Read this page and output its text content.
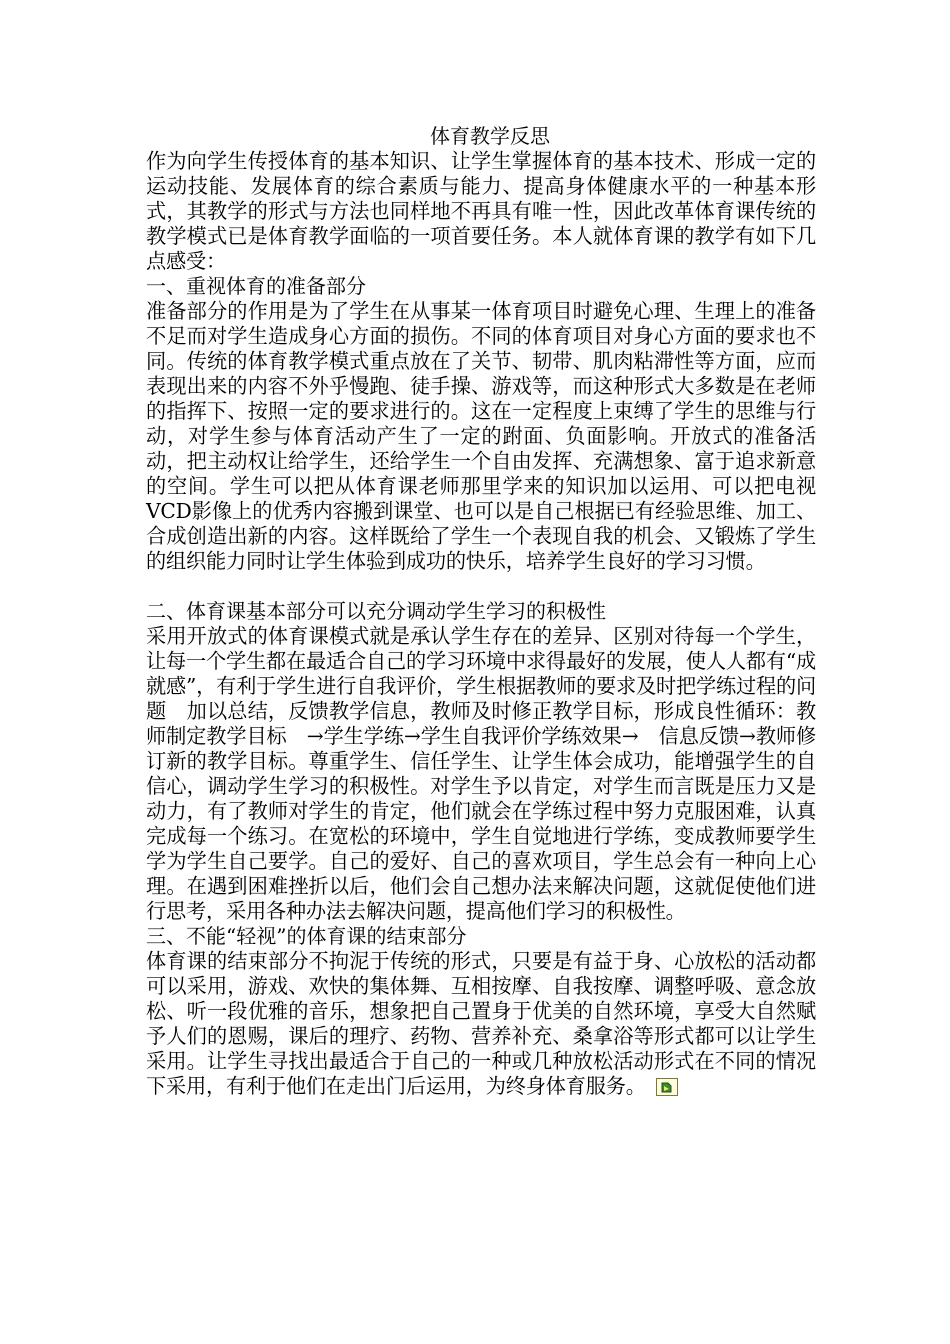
体育教学反思

作为向学生传授体育的基本知识、让学生掌握体育的基本技术、形成一定的运动技能、发展体育的综合素质与能力、提高身体健康水平的一种基本形式，其教学的形式与方法也同样地不再具有唯一性，因此改革体育课传统的教学模式已是体育教学面临的一项首要任务。本人就体育课的教学有如下几点感受：

一、重视体育的准备部分

准备部分的作用是为了学生在从事某一体育项目时避免心理、生理上的准备不足而对学生造成身心方面的损伤。不同的体育项目对身心方面的要求也不同。传统的体育教学模式重点放在了关节、韧带、肌肉粘滞性等方面，应而表现出来的内容不外乎慢跑、徒手操、游戏等，而这种形式大多数是在老师的指挥下、按照一定的要求进行的。这在一定程度上束缚了学生的思维与行动，对学生参与体育活动产生了一定的跗面、负面影响。开放式的准备活动，把主动权让给学生，还给学生一个自由发挥、充满想象、富于追求新意的空间。学生可以把从体育课老师那里学来的知识加以运用、可以把电视VCD影像上的优秀内容搬到课堂、也可以是自己根据已有经验思维、加工、合成创造出新的内容。这样既给了学生一个表现自我的机会、又锻炼了学生的组织能力同时让学生体验到成功的快乐，培养学生良好的学习习惯。

二、体育课基本部分可以充分调动学生学习的积极性

采用开放式的体育课模式就是承认学生存在的差异、区别对待每一个学生，让每一个学生都在最适合自己的学习环境中求得最好的发展，使人人都有“成就感”，有利于学生进行自我评价，学生根据教师的要求及时把学练过程的问题　加以总结，反馈教学信息，教师及时修正教学目标，形成良性循环：教师制定教学目标　→学生学练→学生自我评价学练效果→　信息反馈→教师修订新的教学目标。尊重学生、信任学生、让学生体会成功，能增强学生的自信心，调动学生学习的积极性。对学生予以肯定，对学生而言既是压力又是动力，有了教师对学生的肯定，他们就会在学练过程中努力克服困难，认真完成每一个练习。在宽松的环境中，学生自觉地进行学练，变成教师要学生学为学生自己要学。自己的爱好、自己的喜欢项目，学生总会有一种向上心理。在遇到困难挫折以后，他们会自己想办法来解决问题，这就促使他们进行思考，采用各种办法去解决问题，提高他们学习的积极性。

三、不能“轻视”的体育课的结束部分

体育课的结束部分不拘泥于传统的形式，只要是有益于身、心放松的活动都可以采用，游戏、欢快的集体舞、互相按摩、自我按摩、调整呼吸、意念放松、听一段优雅的音乐，想象把自己置身于优美的自然环境，享受大自然赋予人们的恩赐，课后的理疗、药物、营养补充、桑拿浴等形式都可以让学生采用。让学生寻找出最适合于自己的一种或几种放松活动形式在不同的情况下采用，有利于他们在走出门后运用，为终身体育服务。
